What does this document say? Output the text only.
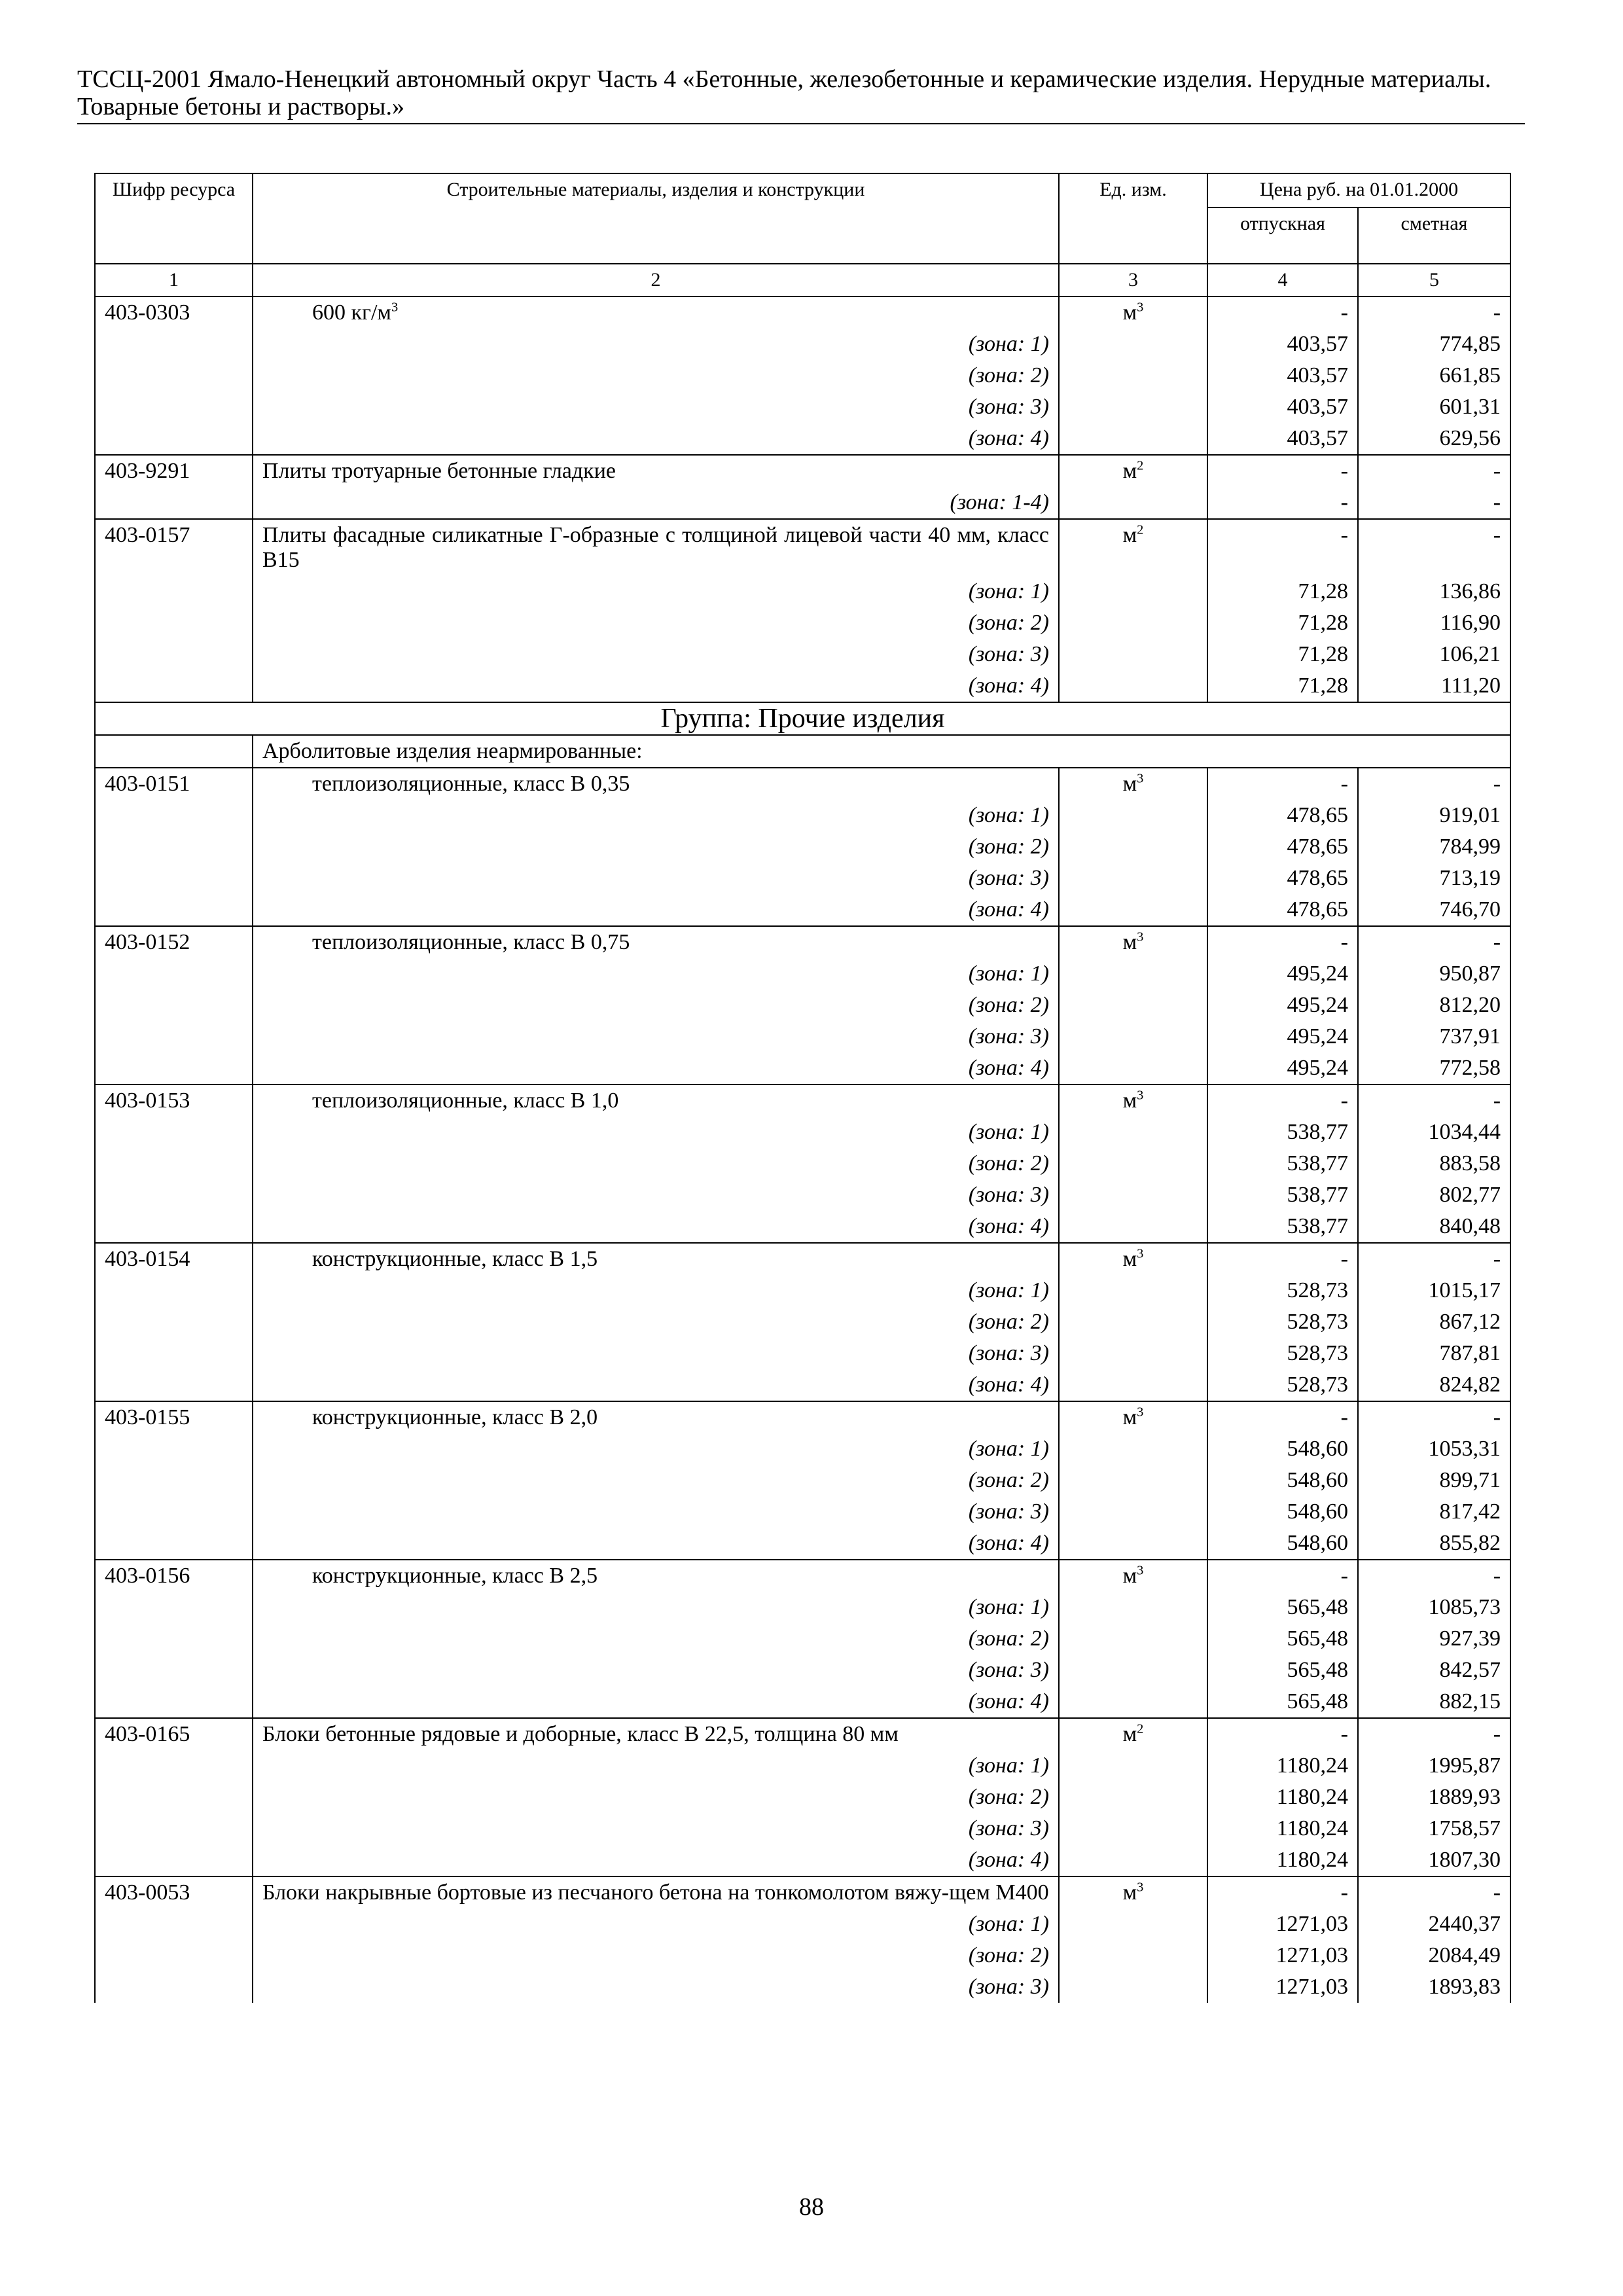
ТССЦ-2001 Ямало-Ненецкий автономный округ Часть 4 «Бетонные, железобетонные и керамические изделия. Нерудные материалы.
Товарные бетоны и растворы.»
Шифр ресурса	Строительные материалы, изделия и конструкции	Ед. изм.	Цена руб. на 01.01.2000	
			отпускная	сметная
1	2	3	4	5
403-0303	600 $кг/м^3$	$м^3$	-	-
	(зона: 1)		403,57	774,85
	(зона: 2)		403,57	661,85
	(зона: 3)		403,57	601,31
	(зона: 4)		403,57	629,56
403-9291	Плиты тротуарные бетонные гладкие	$м^2$	-	-
	(зона: 1-4)		-	-
403-0157	Плиты фасадные силикатные Г-образные с толщиной лицевой части 40 мм, класс В15	$м^2$	-	-
	(зона: 1)		71,28	136,86
	(зона: 2)		71,28	116,90
	(зона: 3)		71,28	106,21
	(зона: 4)		71,28	111,20
Группа: Прочие изделия				
	Арболитовые изделия неармированные:			
403-0151	теплоизоляционные, класс В 0,35	$м^3$	-	-
	(зона: 1)		478,65	919,01
	(зона: 2)		478,65	784,99
	(зона: 3)		478,65	713,19
	(зона: 4)		478,65	746,70
403-0152	теплоизоляционные, класс В 0,75	$м^3$	-	-
	(зона: 1)		495,24	950,87
	(зона: 2)		495,24	812,20
	(зона: 3)		495,24	737,91
	(зона: 4)		495,24	772,58
403-0153	теплоизоляционные, класс В 1,0	$м^3$	-	-
	(зона: 1)		538,77	1034,44
	(зона: 2)		538,77	883,58
	(зона: 3)		538,77	802,77
	(зона: 4)		538,77	840,48
403-0154	конструкционные, класс В 1,5	$м^3$	-	-
	(зона: 1)		528,73	1015,17
	(зона: 2)		528,73	867,12
	(зона: 3)		528,73	787,81
	(зона: 4)		528,73	824,82
403-0155	конструкционные, класс В 2,0	$м^3$	-	-
	(зона: 1)		548,60	1053,31
	(зона: 2)		548,60	899,71
	(зона: 3)		548,60	817,42
	(зона: 4)		548,60	855,82
403-0156	конструкционные, класс В 2,5	$м^3$	-	-
	(зона: 1)		565,48	1085,73
	(зона: 2)		565,48	927,39
	(зона: 3)		565,48	842,57
	(зона: 4)		565,48	882,15
403-0165	Блоки бетонные рядовые и доборные, класс В 22,5, толщина 80 мм	$м^2$	-	-
	(зона: 1)		1180,24	1995,87
	(зона: 2)		1180,24	1889,93
	(зона: 3)		1180,24	1758,57
	(зона: 4)		1180,24	1807,30
403-0053	Блоки накрывные бортовые из песчаного бетона на тонкомолотом вяжу-щем М400	$м^3$	-	-
	(зона: 1)		1271,03	2440,37
	(зона: 2)		1271,03	2084,49
	(зона: 3)		1271,03	1893,83
88
